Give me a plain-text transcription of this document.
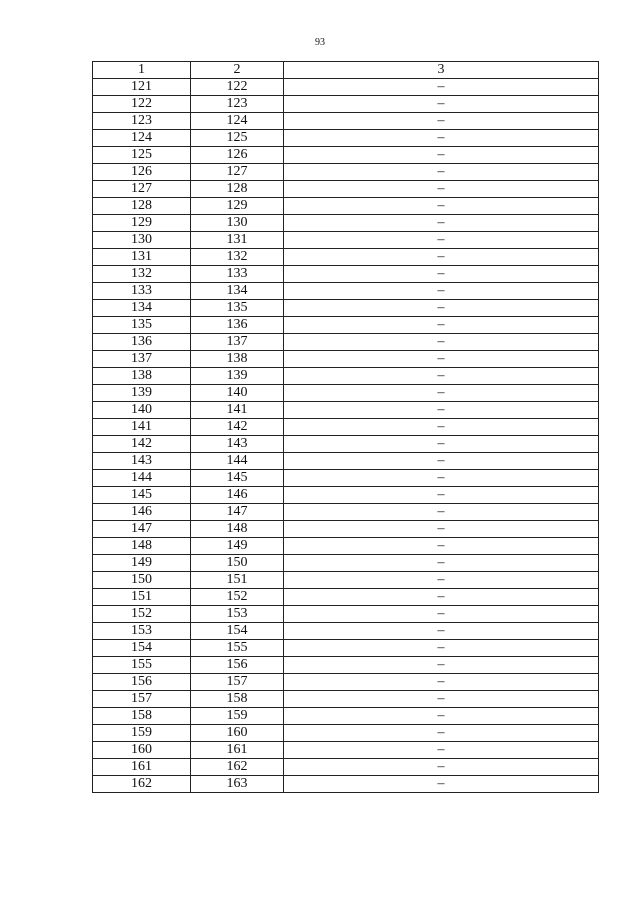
93
1	2	3
121	122	–
122	123	–
123	124	–
124	125	–
125	126	–
126	127	–
127	128	–
128	129	–
129	130	–
130	131	–
131	132	–
132	133	–
133	134	–
134	135	–
135	136	–
136	137	–
137	138	–
138	139	–
139	140	–
140	141	–
141	142	–
142	143	–
143	144	–
144	145	–
145	146	–
146	147	–
147	148	–
148	149	–
149	150	–
150	151	–
151	152	–
152	153	–
153	154	–
154	155	–
155	156	–
156	157	–
157	158	–
158	159	–
159	160	–
160	161	–
161	162	–
162	163	–
